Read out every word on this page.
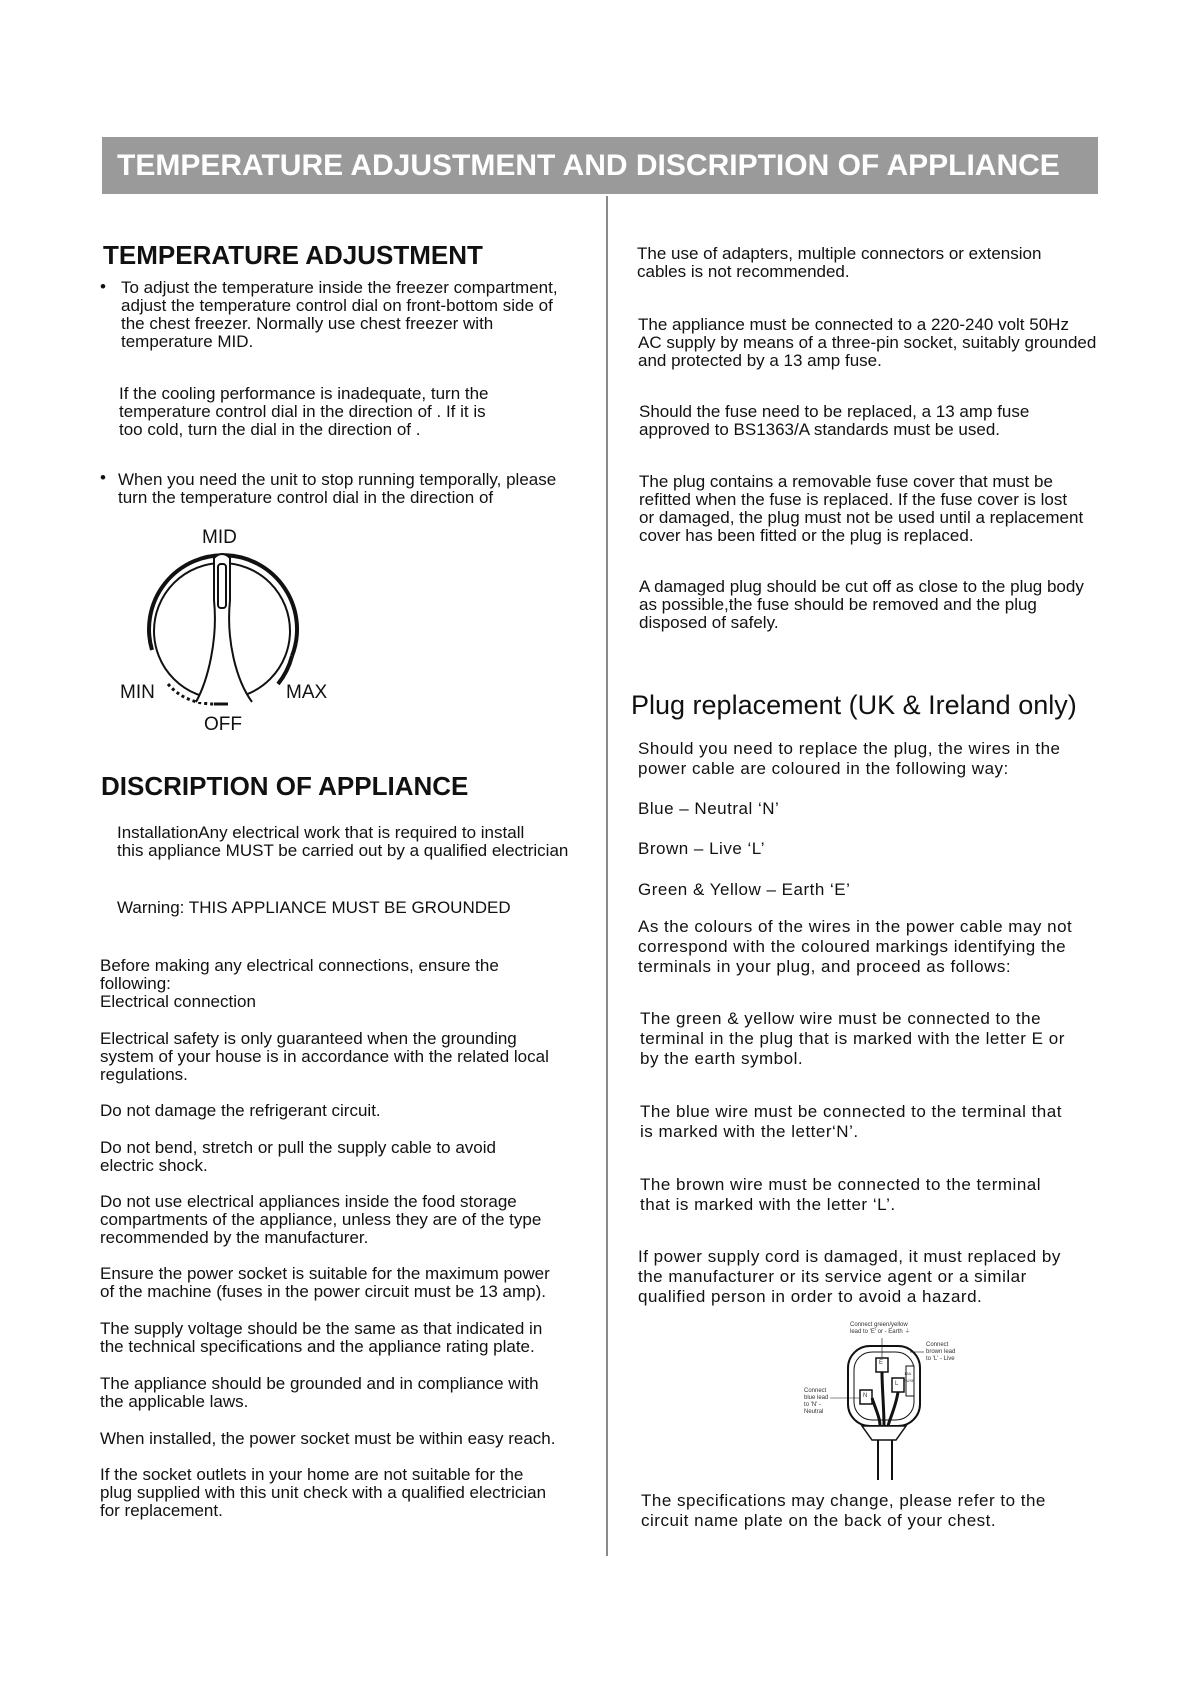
TEMPERATURE ADJUSTMENT AND DISCRIPTION OF APPLIANCE
TEMPERATURE ADJUSTMENT
• To adjust the temperature inside the freezer compartment,
adjust the temperature control dial on front-bottom side of
the chest freezer. Normally use chest freezer with
temperature MID.

If the cooling performance is inadequate, turn the
temperature control dial in the direction of . If it is
too cold, turn the dial in the direction of .

• When you need the unit to stop running temporally, please
turn the temperature control dial in the direction of

MID
MIN	MAX
OFF
DISCRIPTION OF APPLIANCE

InstallationAny electrical work that is required to install

this appliance MUST be carried out by a qualified electrician

Warning: THIS APPLIANCE MUST BE GROUNDED

Before making any electrical connections, ensure the
following:
Electrical connection

Electrical safety is only guaranteed when the grounding
system of your house is in accordance with the related local
regulations.

Do not damage the refrigerant circuit.

Do not bend, stretch or pull the supply cable to avoid
electric shock.

Do not use electrical appliances inside the food storage
compartments of the appliance, unless they are of the type
recommended by the manufacturer.

Ensure the power socket is suitable for the maximum power
of the machine (fuses in the power circuit must be 13 amp).

The supply voltage should be the same as that indicated in
the technical specifications and the appliance rating plate.

The appliance should be grounded and in compliance with
the applicable laws.

When installed, the power socket must be within easy reach.

If the socket outlets in your home are not suitable for the
plug supplied with this unit check with a qualified electrician
for replacement.

The use of adapters, multiple connectors or extension
cables is not recommended.

The appliance must be connected to a 220-240 volt 50Hz
AC supply by means of a three-pin socket, suitably grounded
and protected by a 13 amp fuse.

Should the fuse need to be replaced, a 13 amp fuse
approved to BS1363/A standards must be used.

The plug contains a removable fuse cover that must be
refitted when the fuse is replaced. If the fuse cover is lost
or damaged, the plug must not be used until a replacement
cover has been fitted or the plug is replaced.

A damaged plug should be cut off as close to the plug body
as possible,the fuse should be removed and the plug
disposed of safely.

Plug replacement (UK & Ireland only)

Should you need to replace the plug, the wires in the
power cable are coloured in the following way:

Blue – Neutral ‘N’

Brown – Live ‘L’

Green & Yellow – Earth ‘E’

As the colours of the wires in the power cable may not
correspond with the coloured markings identifying the
terminals in your plug, and proceed as follows:

The green & yellow wire must be connected to the
terminal in the plug that is marked with the letter E or
by the earth symbol.

The blue wire must be connected to the terminal that
is marked with the letter‘N’.

The brown wire must be connected to the terminal
that is marked with the letter ‘L’.

If power supply cord is damaged, it must replaced by
the manufacturer or its service agent or a similar
qualified person in order to avoid a hazard.

Connect green/yellow
lead to 'E' or - Earth ⏚
Connect
brown lead
to 'L' - Live
Connect
blue lead
to 'N' -
Neutral
E
N
L
13A FUSE

The specifications may change, please refer to the
circuit name plate on the back of your chest.
